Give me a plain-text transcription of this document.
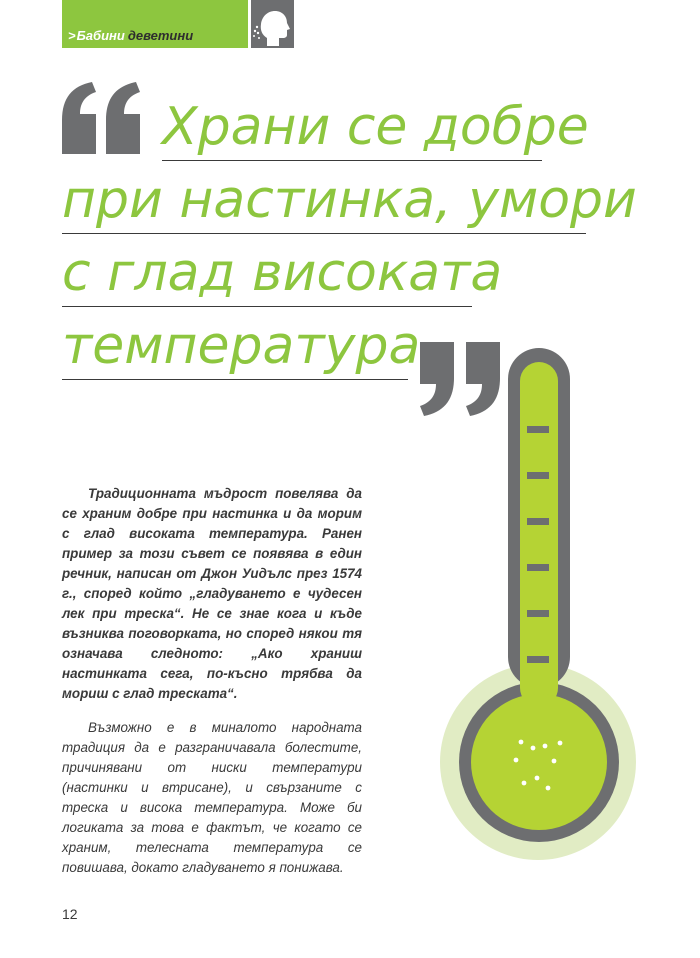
>Бабини деветини
Храни се добре
при настинка, умори
с глад високата
температура
Традиционната мъдрост повелява да се храним добре при настинка и да морим с глад високата температура. Ранен пример за този съвет се появява в един речник, написан от Джон Уидълс през 1574 г., според който „гладуването е чудесен лек при треска“. Не се знае кога и къде възниква поговорката, но според някои тя означава следното: „Ако храниш настинката сега, по-късно трябва да мориш с глад треската“.
Възможно е в миналото народната традиция да е разграничавала болестите, причинявани от ниски температури (настинки и втрисане), и свързаните с треска и висока температура. Може би логиката за това е фактът, че когато се храним, телесната температура се повишава, докато гладуването я понижава.
12
